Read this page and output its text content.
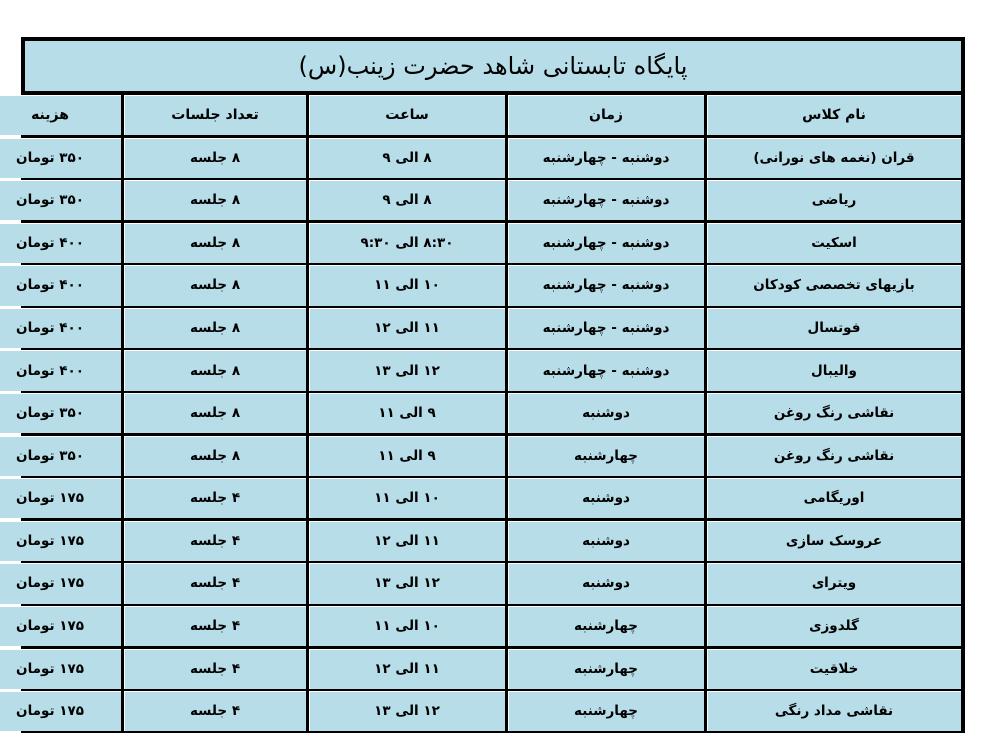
پایگاه تابستانی شاهد حضرت زینب(س)
نام کلاس
زمان
ساعت
تعداد جلسات
هزینه
قران (نغمه های نورانی)
دوشنبه - چهارشنبه
۸ الی ۹
۸ جلسه
۳۵۰ تومان
ریاضی
دوشنبه - چهارشنبه
۸ الی ۹
۸ جلسه
۳۵۰ تومان
اسکیت
دوشنبه - چهارشنبه
۸:۳۰ الی ۹:۳۰
۸ جلسه
۴۰۰ تومان
بازیهای تخصصی کودکان
دوشنبه - چهارشنبه
۱۰ الی ۱۱
۸ جلسه
۴۰۰ تومان
فوتسال
دوشنبه - چهارشنبه
۱۱ الی ۱۲
۸ جلسه
۴۰۰ تومان
والیبال
دوشنبه - چهارشنبه
۱۲ الی ۱۳
۸ جلسه
۴۰۰ تومان
نقاشی رنگ روغن
دوشنبه
۹ الی ۱۱
۸ جلسه
۳۵۰ تومان
نقاشی رنگ روغن
چهارشنبه
۹ الی ۱۱
۸ جلسه
۳۵۰ تومان
اوریگامی
دوشنبه
۱۰ الی ۱۱
۴ جلسه
۱۷۵ تومان
عروسک سازی
دوشنبه
۱۱ الی ۱۲
۴ جلسه
۱۷۵ تومان
ویترای
دوشنبه
۱۲ الی ۱۳
۴ جلسه
۱۷۵ تومان
گلدوزی
چهارشنبه
۱۰ الی ۱۱
۴ جلسه
۱۷۵ تومان
خلاقیت
چهارشنبه
۱۱ الی ۱۲
۴ جلسه
۱۷۵ تومان
نقاشی مداد رنگی
چهارشنبه
۱۲ الی ۱۳
۴ جلسه
۱۷۵ تومان
